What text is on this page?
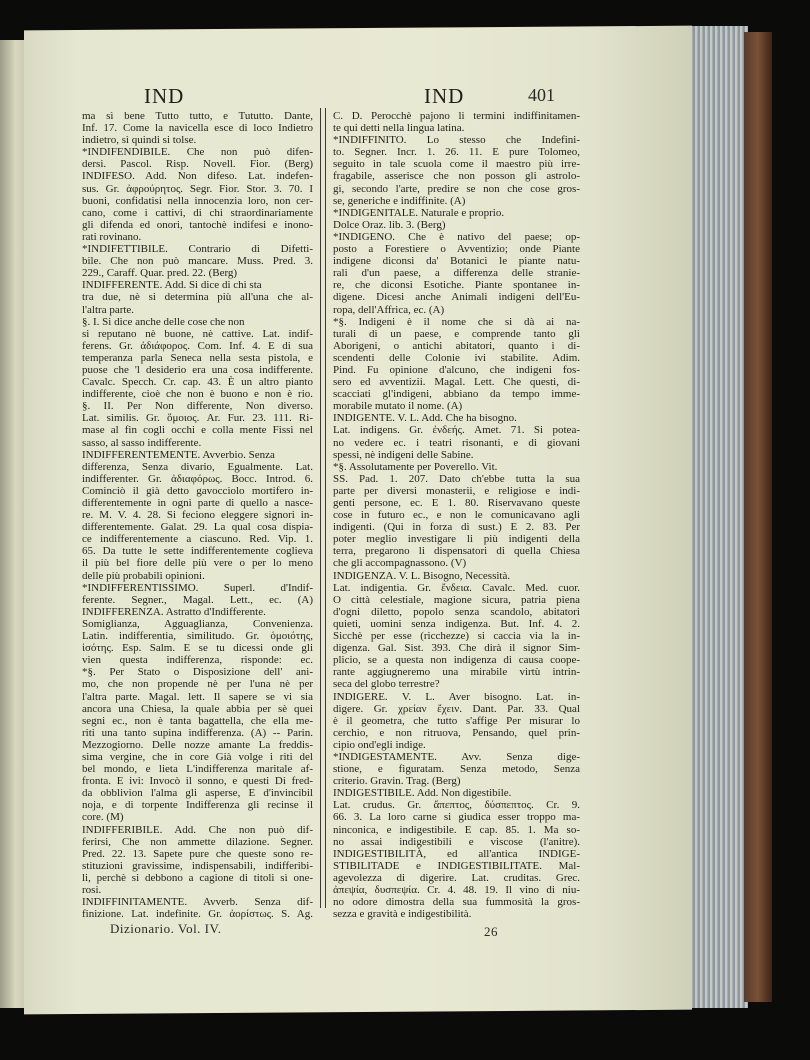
IND	IND	401
ma sì bene Tutto tutto, e Tututto. Dante,
Inf. 17. Come la navicella esce di loco Indietro
indietro, sì quindi si tolse.
*INDIFENDIBILE. Che non può difen-
dersi. Pascol. Risp. Novell. Fior. (Berg)
INDIFESO. Add. Non difeso. Lat. indefen-
sus. Gr. ἀφρούρητος. Segr. Fior. Stor. 3. 70. I
buoni, confidatisi nella innocenzia loro, non cer-
cano, come i cattivi, di chi straordinariamente
gli difenda ed onori, tantochè indifesi e inono-
rati rovinano.
*INDIFETTIBILE. Contrario di Difetti-
bile. Che non può mancare. Muss. Pred. 3.
229., Caraff. Quar. pred. 22. (Berg)
INDIFFERENTE. Add. Si dice di chi sta
tra due, nè si determina più all'una che al-
l'altra parte.
§. I. Si dice anche delle cose che non
si reputano nè buone, nè cattive. Lat. indif-
ferens. Gr. ἀδιάφορος. Com. Inf. 4. E di sua
temperanza parla Seneca nella sesta pistola, e
puose che 'l desiderio era una cosa indifferente.
Cavalc. Specch. Cr. cap. 43. È un altro pianto
indifferente, cioè che non è buono e non è rio.
§. II. Per Non differente, Non diverso.
Lat. similis. Gr. ὅμοιος. Ar. Fur. 23. 111. Ri-
mase al fin cogli occhi e colla mente Fissi nel
sasso, al sasso indifferente.
INDIFFERENTEMENTE. Avverbio. Senza
differenza, Senza divario, Egualmente. Lat.
indifferenter. Gr. ἀδιαφόρως. Bocc. Introd. 6.
Cominciò il già detto gavocciolo mortifero in-
differentemente in ogni parte di quello a nasce-
re. M. V. 4. 28. Si feciono eleggere signori in-
differentemente. Galat. 29. La qual cosa dispia-
ce indifferentemente a ciascuno. Red. Vip. 1.
65. Da tutte le sette indifferentemente coglieva
il più bel fiore delle più vere o per lo meno
delle più probabili opinioni.
*INDIFFERENTISSIMO. Superl. d'Indif-
ferente. Segner., Magal. Lett., ec. (A)
INDIFFERENZA. Astratto d'Indifferente.
Somiglianza, Agguaglianza, Convenienza.
Latin. indifferentia, similitudo. Gr. ὁμοιότης,
ἰσότης. Esp. Salm. E se tu dicessi onde gli
vien questa indifferenza, risponde: ec.
*§. Per Stato o Disposizione dell' ani-
mo, che non propende nè per l'una nè per
l'altra parte. Magal. lett. Il sapere se vi sia
ancora una Chiesa, la quale abbia per sè quei
segni ec., non è tanta bagattella, che ella me-
riti una tanto supina indifferenza. (A) -- Parin.
Mezzogiorno. Delle nozze amante La freddis-
sima vergine, che in core Già volge i riti del
bel mondo, e lieta L'indifferenza maritale af-
fronta. E ivi: Invocò il sonno, e questi Di fred-
da obblivion l'alma gli asperse, E d'invincibil
noja, e di torpente Indifferenza gli recinse il
core. (M)
INDIFFERIBILE. Add. Che non può dif-
ferirsi, Che non ammette dilazione. Segner.
Pred. 22. 13. Sapete pure che queste sono re-
stituzioni gravissime, indispensabili, indifferibi-
li, perchè si debbono a cagione di titoli sì one-
rosi.
INDIFFINITAMENTE. Avverb. Senza dif-
finizione. Lat. indefinite. Gr. ἀορίστως. S. Ag.
C. D. Perocchè pajono li termini indiffinitamen-
te qui detti nella lingua latina.
*INDIFFINITO. Lo stesso che Indefini-
to. Segner. Incr. 1. 26. 11. E pure Tolomeo,
seguito in tale scuola come il maestro più irre-
fragabile, asserisce che non posson gli astrolo-
gi, secondo l'arte, predire se non che cose gros-
se, generiche e indiffinite. (A)
*INDIGENITALE. Naturale e proprio.
Dolce Oraz. lib. 3. (Berg)
*INDIGENO. Che è nativo del paese; op-
posto a Forestiere o Avventizio; onde Piante
indigene diconsi da' Botanici le piante natu-
rali d'un paese, a differenza delle stranie-
re, che diconsi Esotiche. Piante spontanee in-
digene. Dicesi anche Animali indigeni dell'Eu-
ropa, dell'Affrica, ec. (A)
*§. Indigeni è il nome che si dà ai na-
turali di un paese, e comprende tanto gli
Aborigeni, o antichi abitatori, quanto i di-
scendenti delle Colonie ivi stabilite. Adim.
Pind. Fu opinione d'alcuno, che indigeni fos-
sero ed avventizii. Magal. Lett. Che questi, di-
scacciati gl'indigeni, abbiano da tempo imme-
morabile mutato il nome. (A)
INDIGENTE. V. L. Add. Che ha bisogno.
Lat. indigens. Gr. ἐνδεής. Amet. 71. Si potea-
no vedere ec. i teatri risonanti, e di giovani
spessi, nè indigeni delle Sabine.
*§. Assolutamente per Poverello. Vit.
SS. Pad. 1. 207. Dato ch'ebbe tutta la sua
parte per diversi monasterii, e religiose e indi-
genti persone, ec. E 1. 80. Riservavano queste
cose in futuro ec., e non le comunicavano agli
indigenti. (Qui in forza di sust.) E 2. 83. Per
poter meglio investigare li più indigenti della
terra, pregarono li dispensatori di quella Chiesa
che gli accompagnassono. (V)
INDIGENZA. V. L. Bisogno, Necessità.
Lat. indigentia. Gr. ἔνδεια. Cavalc. Med. cuor.
O città celestiale, magione sicura, patria piena
d'ogni diletto, popolo senza scandolo, abitatori
quieti, uomini senza indigenza. But. Inf. 4. 2.
Sicchè per esse (ricchezze) si caccia via la in-
digenza. Gal. Sist. 393. Che dirà il signor Sim-
plicio, se a questa non indigenza di causa coope-
rante aggiugneremo una mirabile virtù intrin-
seca del globo terrestre?
INDIGERE. V. L. Aver bisogno. Lat. in-
digere. Gr. χρείαν ἔχειν. Dant. Par. 33. Qual
è il geometra, che tutto s'affige Per misurar lo
cerchio, e non ritruova, Pensando, quel prin-
cipio ond'egli indige.
*INDIGESTAMENTE. Avv. Senza dige-
stione, e figuratam. Senza metodo, Senza
criterio. Gravin. Trag. (Berg)
INDIGESTIBILE. Add. Non digestibile.
Lat. crudus. Gr. ἄπεπτος, δύσπεπτος. Cr. 9.
66. 3. La loro carne si giudica esser troppo ma-
ninconica, e indigestibile. E cap. 85. 1. Ma so-
no assai indigestibili e viscose (l'anitre).
INDIGESTIBILITÀ, ed all'antica INDIGE-
STIBILITADE e INDIGESTIBILITATE. Mal-
agevolezza di digerire. Lat. cruditas. Grec.
ἀπεψία, δυσπεψία. Cr. 4. 48. 19. Il vino di niu-
no odore dimostra della sua fummosità la gros-
sezza e gravità e indigestibilità.
Dizionario. Vol. IV.	26
